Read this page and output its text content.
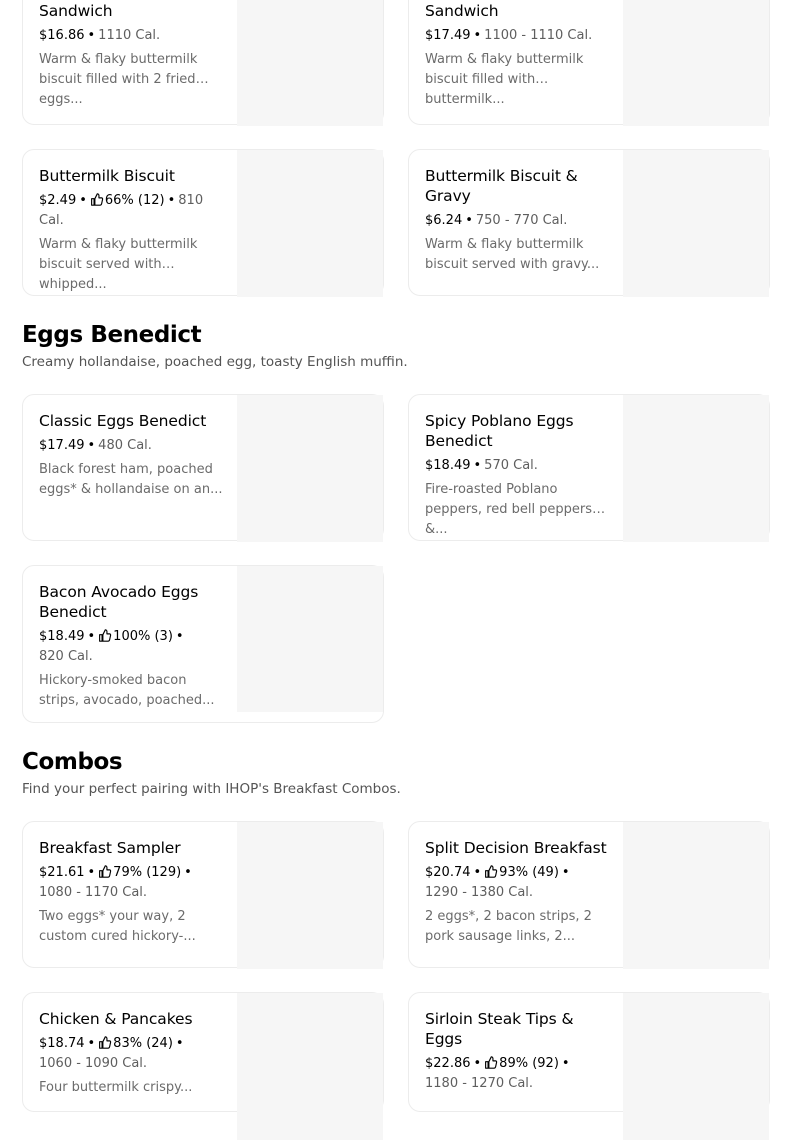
Sandwich
$16.86 • 1110 Cal.
Warm & flaky buttermilk biscuit filled with 2 fried eggs...
Sandwich
$17.49 • 1100 - 1110 Cal.
Warm & flaky buttermilk biscuit filled with buttermilk...
Buttermilk Biscuit
$2.49 • 66% (12) • 810 Cal.
Warm & flaky buttermilk biscuit served with whipped...
Buttermilk Biscuit & Gravy
$6.24 • 750 - 770 Cal.
Warm & flaky buttermilk biscuit served with gravy...
Eggs Benedict

Creamy hollandaise, poached egg, toasty English muffin.

Classic Eggs Benedict
$17.49 • 480 Cal.
Black forest ham, poached eggs* & hollandaise on an...
Spicy Poblano Eggs Benedict
$18.49 • 570 Cal.
Fire-roasted Poblano peppers, red bell peppers &...
Bacon Avocado Eggs Benedict
$18.49 • 100% (3) •
820 Cal.
Hickory-smoked bacon strips, avocado, poached...
Combos

Find your perfect pairing with IHOP's Breakfast Combos.

Breakfast Sampler
$21.61 • 79% (129) •
1080 - 1170 Cal.
Two eggs* your way, 2 custom cured hickory-...
Split Decision Breakfast
$20.74 • 93% (49) •
1290 - 1380 Cal.
2 eggs*, 2 bacon strips, 2 pork sausage links, 2...
Chicken & Pancakes
$18.74 • 83% (24) •
1060 - 1090 Cal.
Four buttermilk crispy...
Sirloin Steak Tips & Eggs
$22.86 • 89% (92) •
1180 - 1270 Cal.
